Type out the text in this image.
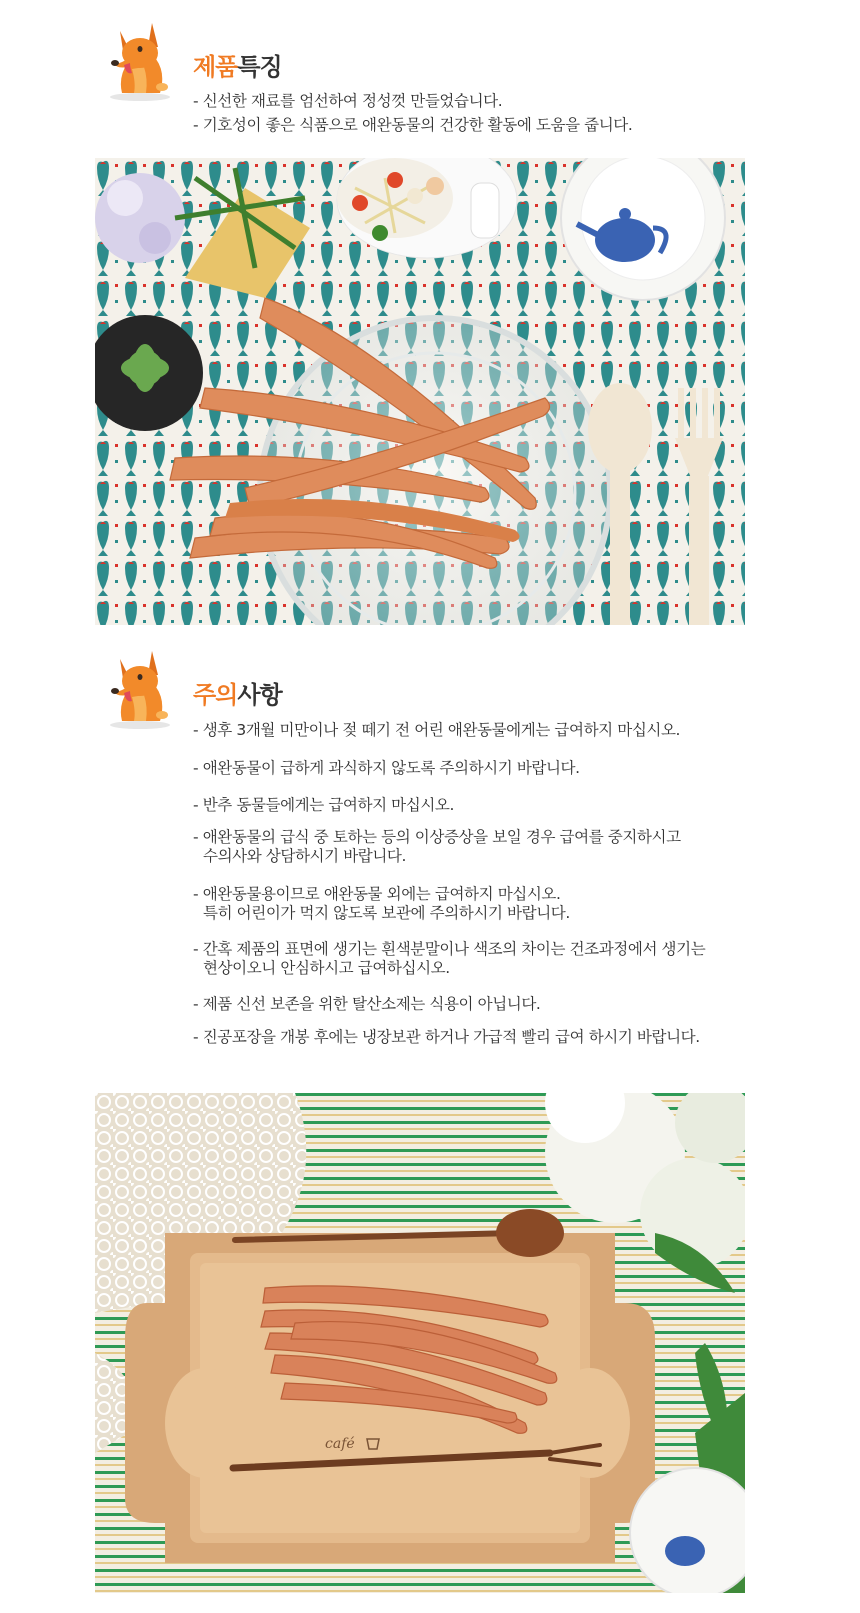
제품특징
- 신선한 재료를 엄선하여 정성껏 만들었습니다.
- 기호성이 좋은 식품으로 애완동물의 건강한 활동에 도움을 줍니다.
주의사항
- 생후 3개월 미만이나 젖 떼기 전 어린 애완동물에게는 급여하지 마십시오.
- 애완동물이 급하게 과식하지 않도록 주의하시기 바랍니다.
- 반추 동물들에게는 급여하지 마십시오.
- 애완동물의 급식 중 토하는 등의 이상증상을 보일 경우 급여를 중지하시고
수의사와 상담하시기 바랍니다.
- 애완동물용이므로 애완동물 외에는 급여하지 마십시오.
특히 어린이가 먹지 않도록 보관에 주의하시기 바랍니다.
- 간혹 제품의 표면에 생기는 흰색분말이나 색조의 차이는 건조과정에서 생기는
현상이오니 안심하시고 급여하십시오.
- 제품 신선 보존을 위한 탈산소제는 식용이 아닙니다.
- 진공포장을 개봉 후에는 냉장보관 하거나 가급적 빨리 급여 하시기 바랍니다.
café
